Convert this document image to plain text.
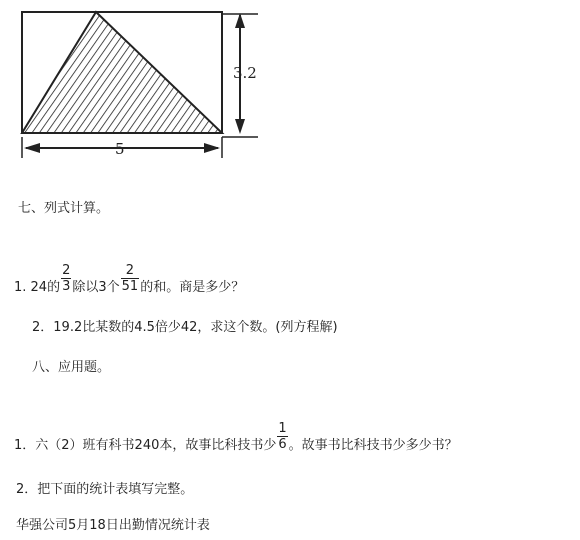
3.2
5
七、列式计算。
1. 24的 $\frac{2}{3}$ 除以3个 $\frac{2}{51}$ 的和。商是多少？
2．19.2比某数的4.5倍少42，求这个数。(列方程解)
八、应用题。
1．六（2）班有科书240本，故事比科技书少 $\frac{1}{6}$ 。故事书比科技书少多少书？
2．把下面的统计表填写完整。
华强公司5月18日出勤情况统计表
